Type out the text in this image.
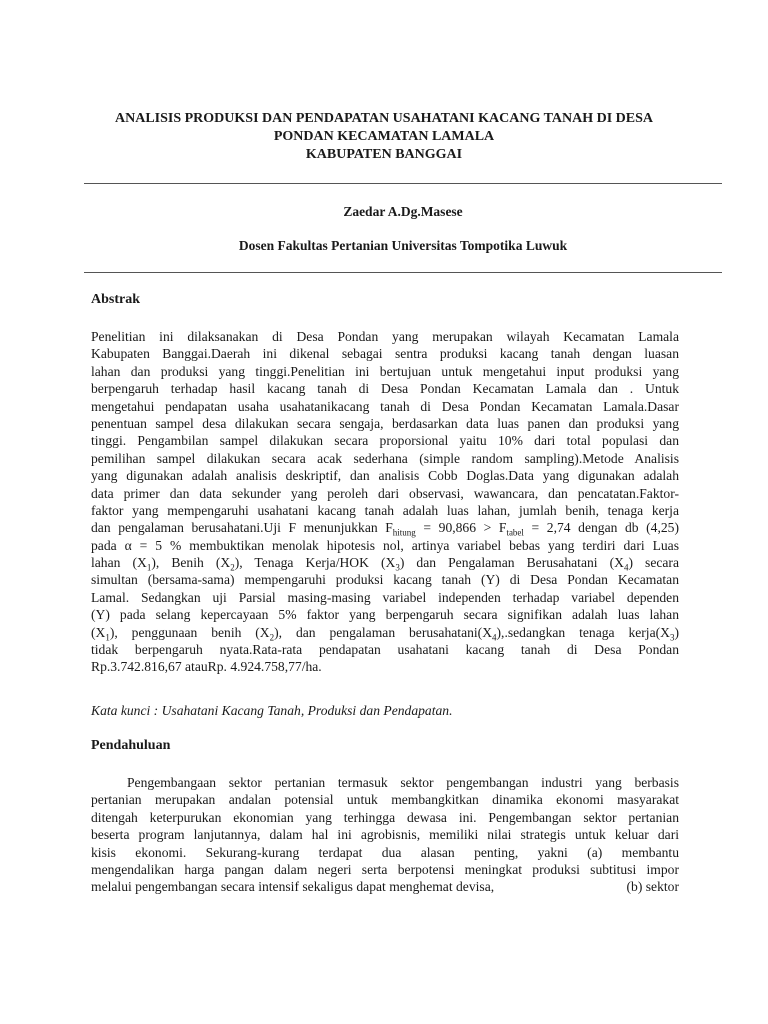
ANALISIS PRODUKSI DAN PENDAPATAN USAHATANI KACANG TANAH DI DESA
PONDAN KECAMATAN LAMALA
KABUPATEN BANGGAI
Zaedar A.Dg.Masese
Dosen Fakultas Pertanian Universitas Tompotika Luwuk
Abstrak
Penelitian ini dilaksanakan di Desa Pondan yang merupakan wilayah Kecamatan Lamala
Kabupaten Banggai.Daerah ini dikenal sebagai sentra produksi kacang tanah dengan luasan
lahan dan produksi yang tinggi.Penelitian ini bertujuan untuk mengetahui input produksi yang
berpengaruh terhadap hasil kacang tanah di Desa Pondan Kecamatan Lamala dan . Untuk
mengetahui pendapatan usaha usahatanikacang tanah di Desa Pondan Kecamatan Lamala.Dasar
penentuan sampel desa dilakukan secara sengaja, berdasarkan data luas panen dan produksi yang
tinggi. Pengambilan sampel dilakukan secara proporsional yaitu 10% dari total populasi dan
pemilihan sampel dilakukan secara acak sederhana (simple random sampling).Metode Analisis
yang digunakan adalah analisis deskriptif, dan analisis Cobb Doglas.Data yang digunakan adalah
data primer dan data sekunder yang peroleh dari observasi, wawancara, dan pencatatan.Faktor-
faktor yang mempengaruhi usahatani kacang tanah adalah luas lahan, jumlah benih, tenaga kerja
dan pengalaman berusahatani.Uji F menunjukkan $F_{hitung} = 90,866 > F_{tabel} = 2,74$ dengan db (4,25)
pada α = 5 % membuktikan menolak hipotesis nol, artinya variabel bebas yang terdiri dari Luas
lahan $(X_1)$, Benih $(X_2)$, Tenaga Kerja/HOK $(X_3)$ dan Pengalaman Berusahatani $(X_4)$ secara
simultan (bersama-sama) mempengaruhi produksi kacang tanah (Y) di Desa Pondan Kecamatan
Lamal. Sedangkan uji Parsial masing-masing variabel independen terhadap variabel dependen
(Y) pada selang kepercayaan 5% faktor yang berpengaruh secara signifikan adalah luas lahan
$(X_1)$, penggunaan benih $(X_2)$, dan pengalaman $berusahatani(X_4),.sedangkan$ tenaga $kerja(X_3)$
tidak berpengaruh nyata.Rata-rata pendapatan usahatani kacang tanah di Desa Pondan
Rp.3.742.816,67 atauRp. 4.924.758,77/ha.
Kata kunci : Usahatani Kacang Tanah, Produksi dan Pendapatan.
Pendahuluan
Pengembangaan sektor pertanian termasuk sektor pengembangan industri yang berbasis
pertanian merupakan andalan potensial untuk membangkitkan dinamika ekonomi masyarakat
ditengah keterpurukan ekonomian yang terhingga dewasa ini. Pengembangan sektor pertanian
beserta program lanjutannya, dalam hal ini agrobisnis, memiliki nilai strategis untuk keluar dari
kisis ekonomi. Sekurang-kurang terdapat dua alasan penting, yakni (a) membantu
mengendalikan harga pangan dalam negeri serta berpotensi meningkat produksi subtitusi impor
melalui pengembangan secara intensif sekaligus dapat menghemat devisa,	(b) sektor
